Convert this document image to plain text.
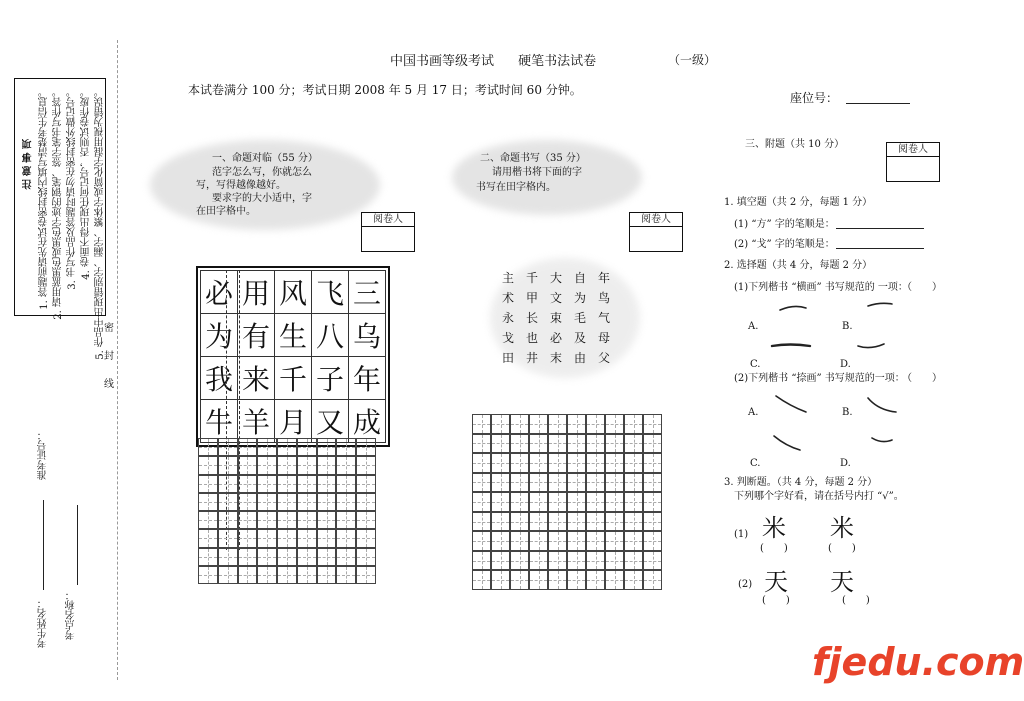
注 意 事 项 1. 答题前请先在试卷密封线内填写清楚考生信息。 2. 请用蓝黑色或黑色字迹的钢笔、签字笔书写作答。 3. 书写作品及答题时请勿在密封线外做记号。 4. 卷面不得出现任何记号，否则试卷作废。 5. 作品中出现错别字、漏字、繁体字或简化字混用视为错误。
密
封
线
准考证号：
考点名称：
考生姓名：
中国书画等级考试 硬笔书法试卷	（一级）
本试卷满分 100 分；考试日期 2008 年 5 月 17 日；考试时间 60 分钟。
座位号：
一、命题对临（55 分）
范字怎么写，你就怎么
写，写得越像越好。
要求字的大小适中，字
在田字格中。
阅卷人
必	用	风	飞	三
为	有	生	八	乌
我	来	千	子	年
牛	羊	月	又	成
二、命题书写（35 分）
请用楷书将下面的字
书写在田字格内。
阅卷人
主 千 大 自 年
术 甲 文 为 鸟
永 长 束 毛 气
戈 也 必 及 母
田 井 末 由 父
三、附题（共 10 分）	阅卷人
1. 填空题（共 2 分，每题 1 分）
(1) “方” 字的笔顺是：
(2) “戈” 字的笔顺是：
2. 选择题（共 4 分，每题 2 分）
(1)下列楷书 “横画” 书写规范的 一项：
（　　）
A.	B.
C.	D.
(2)下列楷书 “捺画” 书写规范的一项：
（　　）
A.	B.
C.	D.
3. 判断题。（共 4 分，每题 2 分）
下列哪个字好看，请在括号内打 “√”。
(1) 米 米
(　　)	(　　)
(2) 天 天
(　　)	(　　)
fjedu.com
